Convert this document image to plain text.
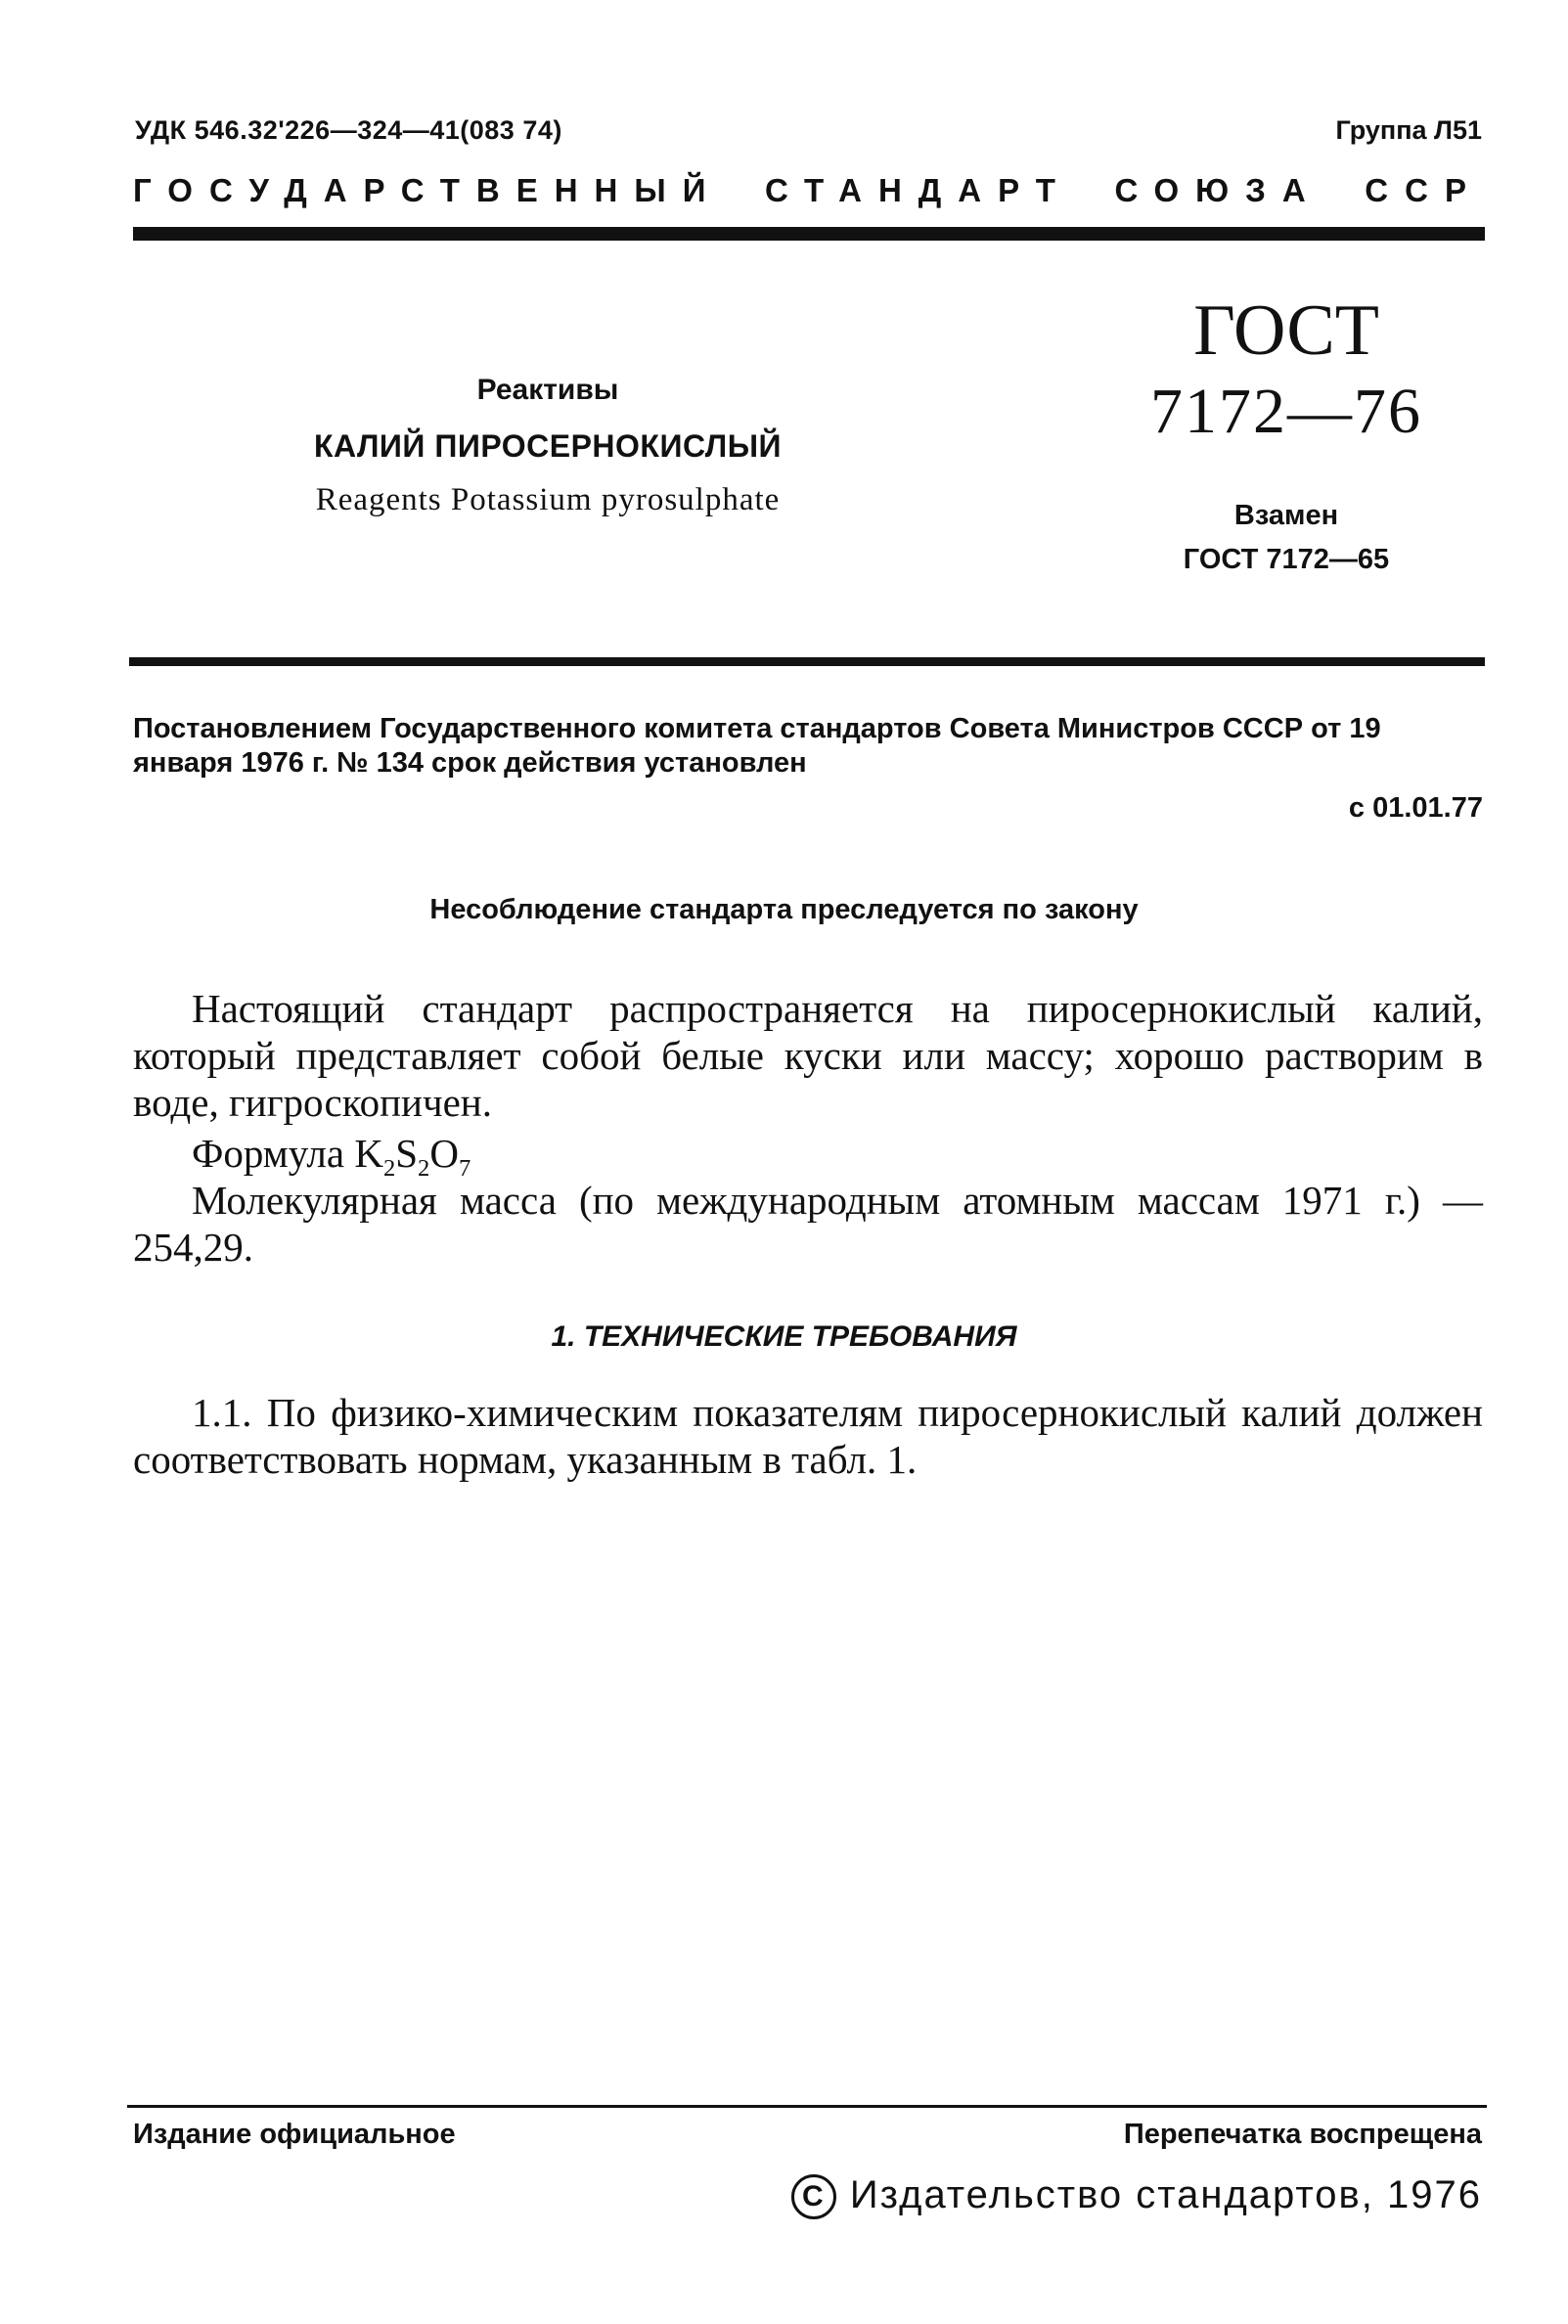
УДК 546.32'226—324—41(083 74)	Группа Л51
ГОСУДАРСТВЕННЫЙ СТАНДАРТ СОЮЗА ССР
Реактивы
КАЛИЙ ПИРОСЕРНОКИСЛЫЙ
Reagents Potassium pyrosulphate
ГОСТ
7172—76
Взамен
ГОСТ 7172—65
Постановлением Государственного комитета стандартов Совета Министров СССР от 19 января 1976 г. № 134 срок действия установлен
с 01.01.77
Несоблюдение стандарта преследуется по закону
Настоящий стандарт распространяется на пиросернокислый калий, который представляет собой белые куски или массу; хорошо растворим в воде, гигроскопичен.
Формула $K_2S_2O_7$
Молекулярная масса (по международным атомным массам 1971 г.) — 254,29.
1. ТЕХНИЧЕСКИЕ ТРЕБОВАНИЯ
1.1. По физико-химическим показателям пиросернокислый калий должен соответствовать нормам, указанным в табл. 1.
Издание официальное	Перепечатка воспрещена
C Издательство стандартов, 1976
